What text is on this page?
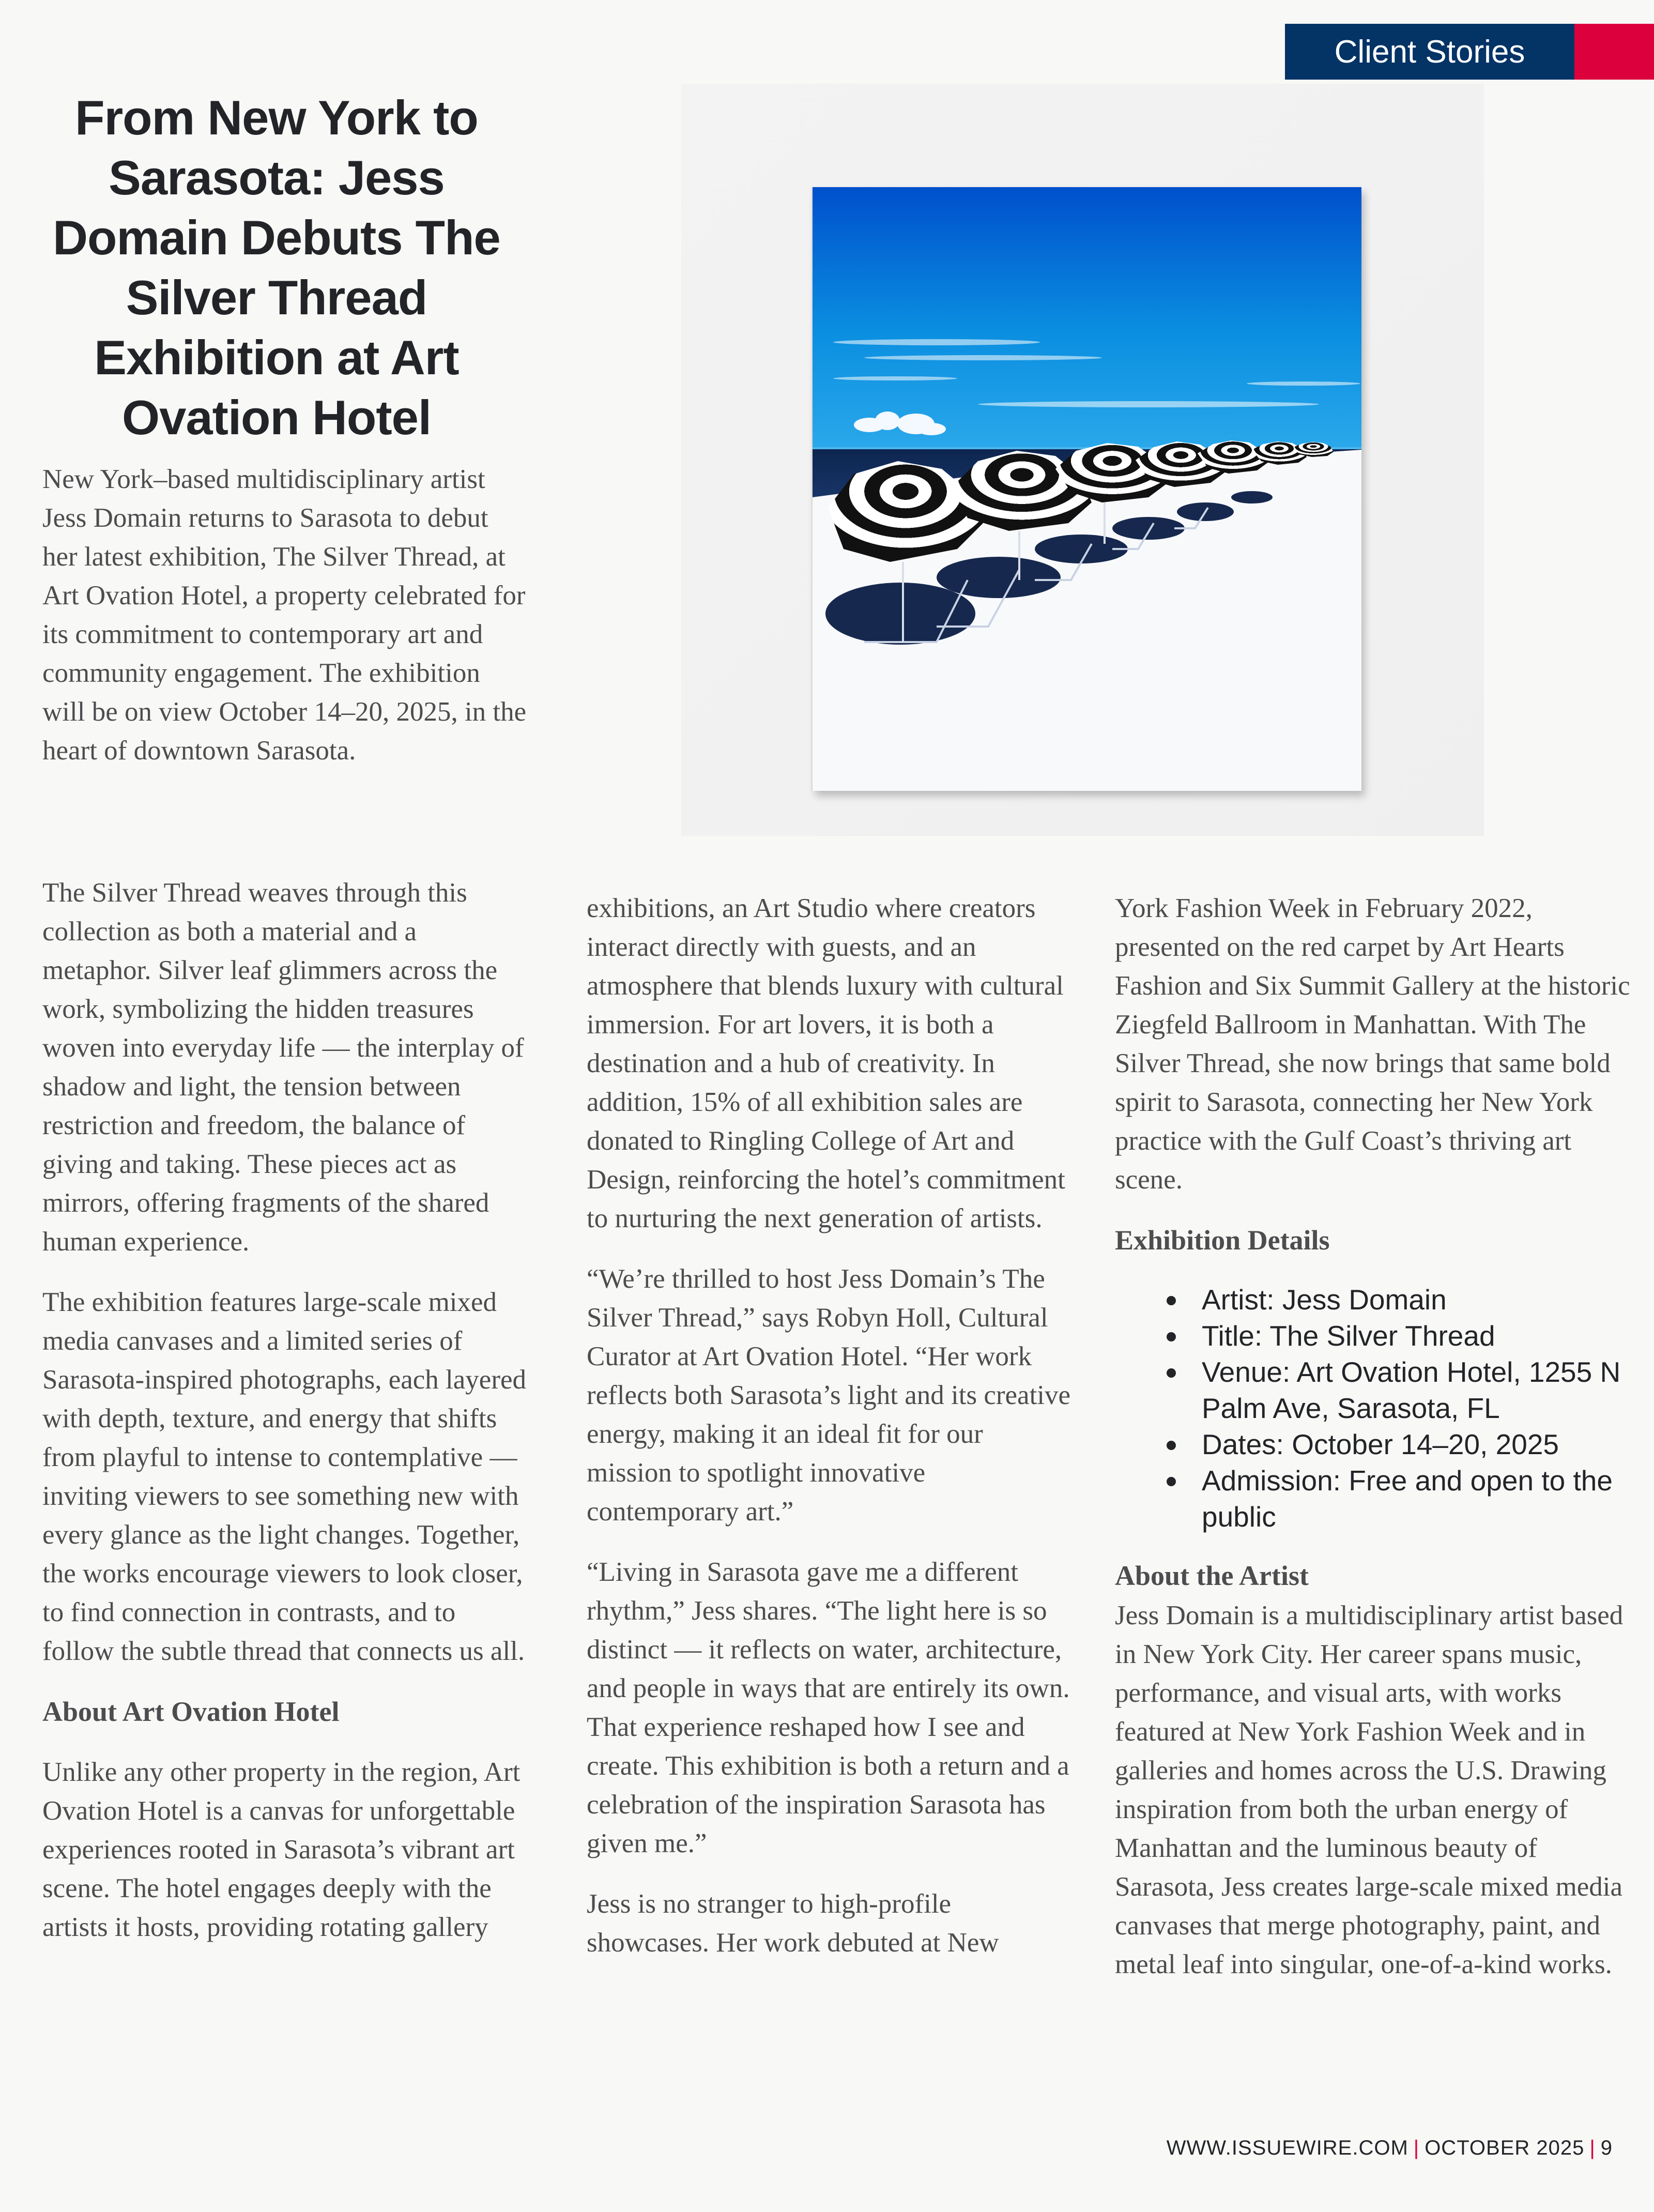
Client Stories
From New York to Sarasota: Jess Domain Debuts The Silver Thread Exhibition at Art Ovation Hotel

New York–based multidisciplinary artist Jess Domain returns to Sarasota to debut her latest exhibition, The Silver Thread, at Art Ovation Hotel, a property celebrated for its commitment to contemporary art and community engagement. The exhibition will be on view October 14–20, 2025, in the heart of downtown Sarasota.

The Silver Thread weaves through this collection as both a material and a metaphor. Silver leaf glimmers across the work, symbolizing the hidden treasures woven into everyday life — the interplay of shadow and light, the tension between restriction and freedom, the balance of giving and taking. These pieces act as mirrors, offering fragments of the shared human experience.

The exhibition features large-scale mixed media canvases and a limited series of Sarasota-inspired photographs, each layered with depth, texture, and energy that shifts from playful to intense to contemplative — inviting viewers to see something new with every glance as the light changes. Together, the works encourage viewers to look closer, to find connection in contrasts, and to follow the subtle thread that connects us all.

About Art Ovation Hotel

Unlike any other property in the region, Art Ovation Hotel is a canvas for unforgettable experiences rooted in Sarasota’s vibrant art scene. The hotel engages deeply with the artists it hosts, providing rotating gallery

exhibitions, an Art Studio where creators interact directly with guests, and an atmosphere that blends luxury with cultural immersion. For art lovers, it is both a destination and a hub of creativity. In addition, 15% of all exhibition sales are donated to Ringling College of Art and Design, reinforcing the hotel’s commitment to nurturing the next generation of artists.

“We’re thrilled to host Jess Domain’s The Silver Thread,” says Robyn Holl, Cultural Curator at Art Ovation Hotel. “Her work reflects both Sarasota’s light and its creative energy, making it an ideal fit for our mission to spotlight innovative contemporary art.”

“Living in Sarasota gave me a different rhythm,” Jess shares. “The light here is so distinct — it reflects on water, architecture, and people in ways that are entirely its own. That experience reshaped how I see and create. This exhibition is both a return and a celebration of the inspiration Sarasota has given me.”

Jess is no stranger to high-profile showcases. Her work debuted at New

York Fashion Week in February 2022, presented on the red carpet by Art Hearts Fashion and Six Summit Gallery at the historic Ziegfeld Ballroom in Manhattan. With The Silver Thread, she now brings that same bold spirit to Sarasota, connecting her New York practice with the Gulf Coast’s thriving art scene.

Exhibition Details
Artist: Jess Domain
Title: The Silver Thread
Venue: Art Ovation Hotel, 1255 N Palm Ave, Sarasota, FL
Dates: October 14–20, 2025
Admission: Free and open to the public
About the Artist

Jess Domain is a multidisciplinary artist based in New York City. Her career spans music, performance, and visual arts, with works featured at New York Fashion Week and in galleries and homes across the U.S. Drawing inspiration from both the urban energy of Manhattan and the luminous beauty of Sarasota, Jess creates large-scale mixed media canvases that merge photography, paint, and metal leaf into singular, one-of-a-kind works.

WWW.ISSUEWIRE.COM | OCTOBER 2025 | 9
